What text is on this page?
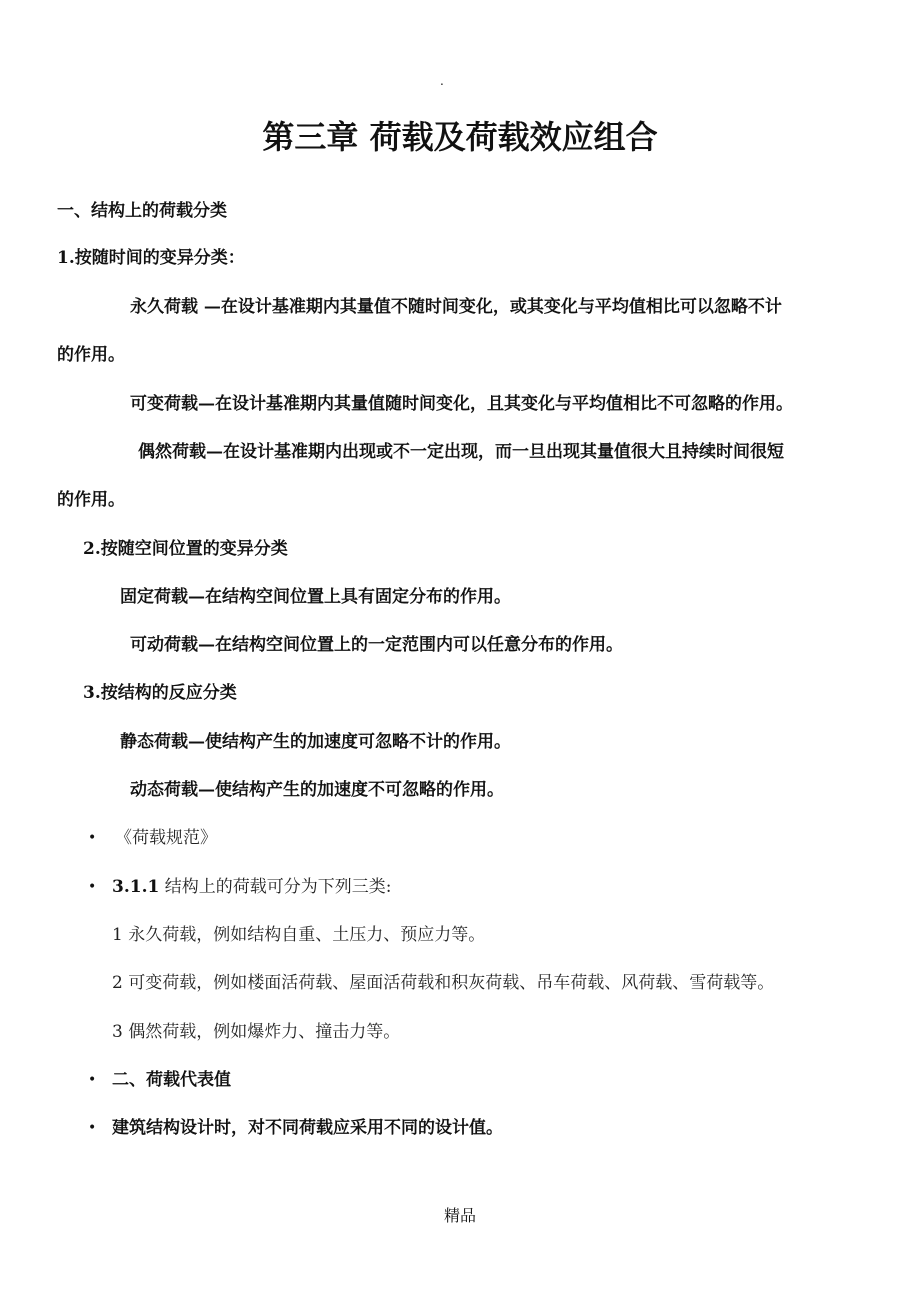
.
第三章 荷载及荷载效应组合
一、结构上的荷载分类
1.按随时间的变异分类：
永久荷载 —在设计基准期内其量值不随时间变化，或其变化与平均值相比可以忽略不计
的作用。
可变荷载—在设计基准期内其量值随时间变化，且其变化与平均值相比不可忽略的作用。
偶然荷载—在设计基准期内出现或不一定出现，而一旦出现其量值很大且持续时间很短
的作用。
2.按随空间位置的变异分类
固定荷载—在结构空间位置上具有固定分布的作用。
可动荷载—在结构空间位置上的一定范围内可以任意分布的作用。
3.按结构的反应分类
静态荷载—使结构产生的加速度可忽略不计的作用。
动态荷载—使结构产生的加速度不可忽略的作用。
• 《荷载规范》
• 3.1.1 结构上的荷载可分为下列三类:
1 永久荷载，例如结构自重、土压力、预应力等。
2 可变荷载，例如楼面活荷载、屋面活荷载和积灰荷载、吊车荷载、风荷载、雪荷载等。
3 偶然荷载，例如爆炸力、撞击力等。
• 二、荷载代表值
• 建筑结构设计时，对不同荷载应采用不同的设计值。
精品
